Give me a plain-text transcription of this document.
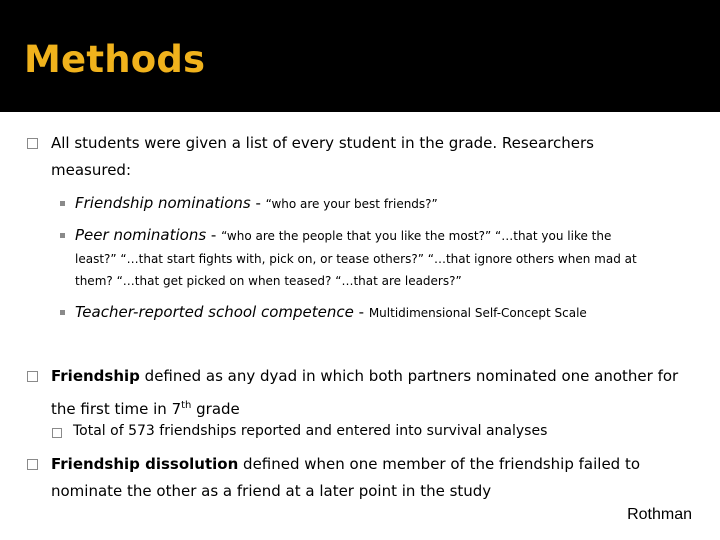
Methods
All students were given a list of every student in the grade. Researchers
measured:
Friendship nominations - “who are your best friends?”
Peer nominations - “who are the people that you like the most?” “…that you like the
least?” “…that start fights with, pick on, or tease others?” “…that ignore others when mad at
them? “…that get picked on when teased? “…that are leaders?”
Teacher-reported school competence - Multidimensional Self-Concept Scale
Friendship defined as any dyad in which both partners nominated one another for
the first time in 7th grade
Total of 573 friendships reported and entered into survival analyses
Friendship dissolution defined when one member of the friendship failed to
nominate the other as a friend at a later point in the study
Rothman
